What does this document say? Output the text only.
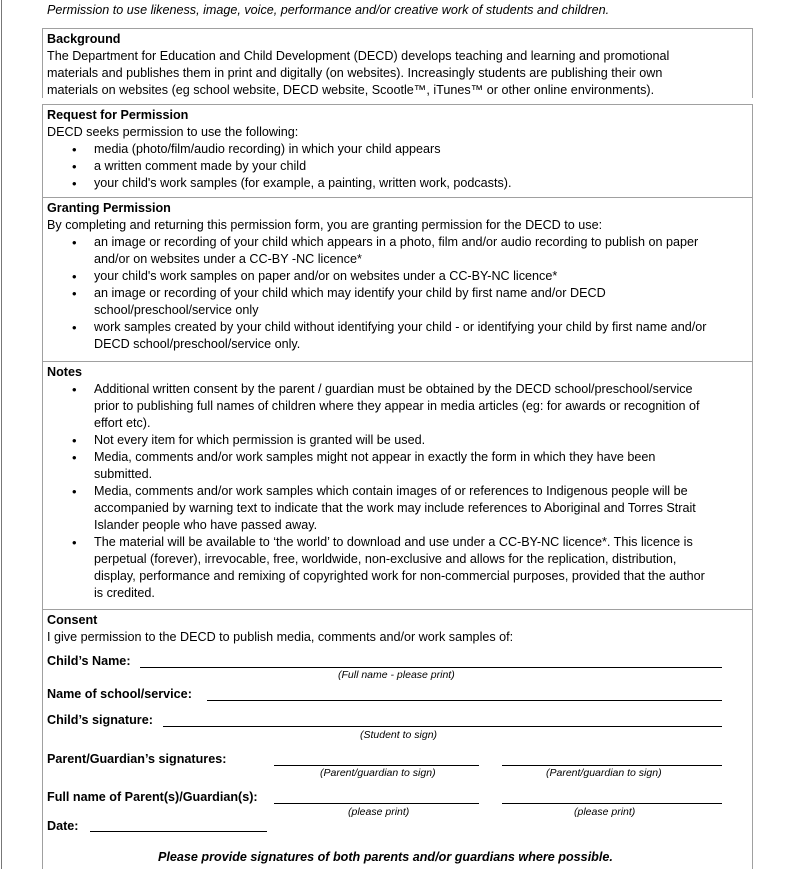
Permission to use likeness, image, voice, performance and/or creative work of students and children.
Background
The Department for Education and Child Development (DECD) develops teaching and learning and promotional
materials and publishes them in print and digitally (on websites). Increasingly students are publishing their own
materials on websites (eg school website, DECD website, Scootle™, iTunes™ or other online environments).
Request for Permission
DECD seeks permission to use the following:
• media (photo/film/audio recording) in which your child appears
• a written comment made by your child
• your child's work samples (for example, a painting, written work, podcasts).
Granting Permission
By completing and returning this permission form, you are granting permission for the DECD to use:
• an image or recording of your child which appears in a photo, film and/or audio recording to publish on paper
and/or on websites under a CC-BY -NC licence*
• your child's work samples on paper and/or on websites under a CC-BY-NC licence*
• an image or recording of your child which may identify your child by first name and/or DECD
school/preschool/service only
• work samples created by your child without identifying your child - or identifying your child by first name and/or
DECD school/preschool/service only.
Notes
• Additional written consent by the parent / guardian must be obtained by the DECD school/preschool/service
prior to publishing full names of children where they appear in media articles (eg: for awards or recognition of
effort etc).
• Not every item for which permission is granted will be used.
• Media, comments and/or work samples might not appear in exactly the form in which they have been
submitted.
• Media, comments and/or work samples which contain images of or references to Indigenous people will be
accompanied by warning text to indicate that the work may include references to Aboriginal and Torres Strait
Islander people who have passed away.
• The material will be available to ‘the world’ to download and use under a CC-BY-NC licence*. This licence is
perpetual (forever), irrevocable, free, worldwide, non-exclusive and allows for the replication, distribution,
display, performance and remixing of copyrighted work for non-commercial purposes, provided that the author
is credited.
Consent
I give permission to the DECD to publish media, comments and/or work samples of:
Child’s Name:
(Full name - please print)
Name of school/service:
Child’s signature:
(Student to sign)
Parent/Guardian’s signatures:
(Parent/guardian to sign)	(Parent/guardian to sign)
Full name of Parent(s)/Guardian(s):
(please print)	(please print)
Date:
Please provide signatures of both parents and/or guardians where possible.
